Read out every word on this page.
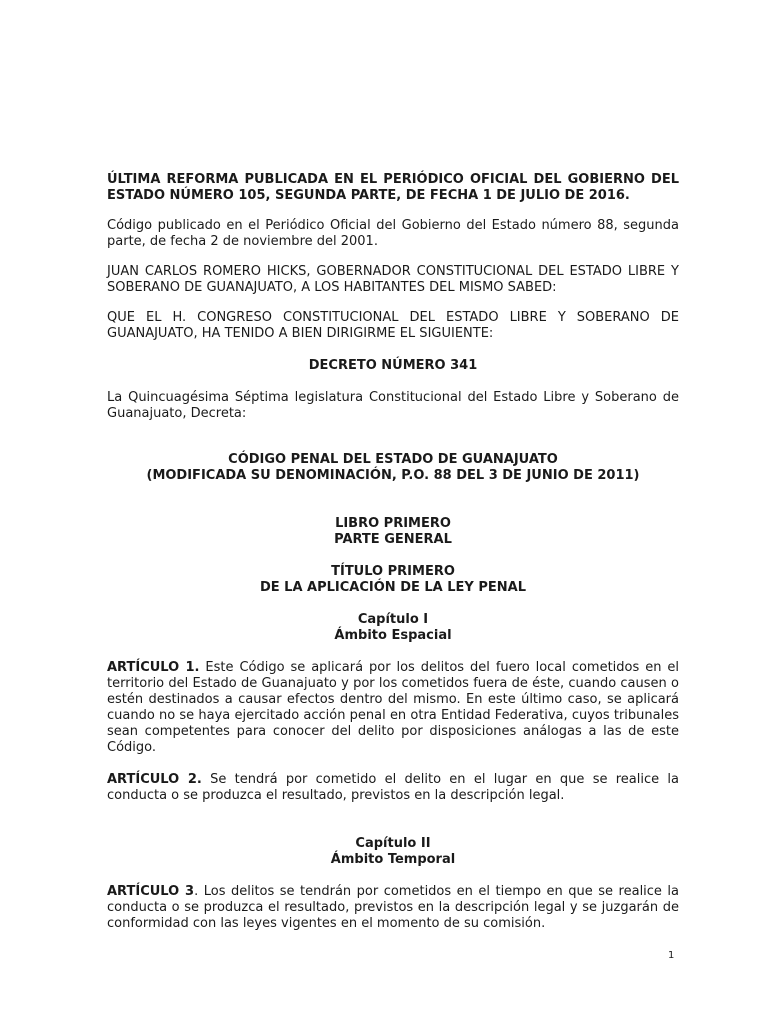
ÚLTIMA REFORMA PUBLICADA EN EL PERIÓDICO OFICIAL DEL GOBIERNO DEL ESTADO NÚMERO 105, SEGUNDA PARTE, DE FECHA 1 DE JULIO DE 2016.

Código publicado en el Periódico Oficial del Gobierno del Estado número 88, segunda parte, de fecha 2 de noviembre del 2001.

JUAN CARLOS ROMERO HICKS, GOBERNADOR CONSTITUCIONAL DEL ESTADO LIBRE Y SOBERANO DE GUANAJUATO, A LOS HABITANTES DEL MISMO SABED:

QUE EL H. CONGRESO CONSTITUCIONAL DEL ESTADO LIBRE Y SOBERANO DE GUANAJUATO, HA TENIDO A BIEN DIRIGIRME EL SIGUIENTE:

DECRETO NÚMERO 341

La Quincuagésima Séptima legislatura Constitucional del Estado Libre y Soberano de Guanajuato, Decreta:

CÓDIGO PENAL DEL ESTADO DE GUANAJUATO

(MODIFICADA SU DENOMINACIÓN, P.O. 88 DEL 3 DE JUNIO DE 2011)

LIBRO PRIMERO

PARTE GENERAL

TÍTULO PRIMERO

DE LA APLICACIÓN DE LA LEY PENAL

Capítulo I

Ámbito Espacial

ARTÍCULO 1. Este Código se aplicará por los delitos del fuero local cometidos en el territorio del Estado de Guanajuato y por los cometidos fuera de éste, cuando causen o estén destinados a causar efectos dentro del mismo. En este último caso, se aplicará cuando no se haya ejercitado acción penal en otra Entidad Federativa, cuyos tribunales sean competentes para conocer del delito por disposiciones análogas a las de este Código.

ARTÍCULO 2. Se tendrá por cometido el delito en el lugar en que se realice la conducta o se produzca el resultado, previstos en la descripción legal.

Capítulo II

Ámbito Temporal

ARTÍCULO 3. Los delitos se tendrán por cometidos en el tiempo en que se realice la conducta o se produzca el resultado, previstos en la descripción legal y se juzgarán de conformidad con las leyes vigentes en el momento de su comisión.

1
